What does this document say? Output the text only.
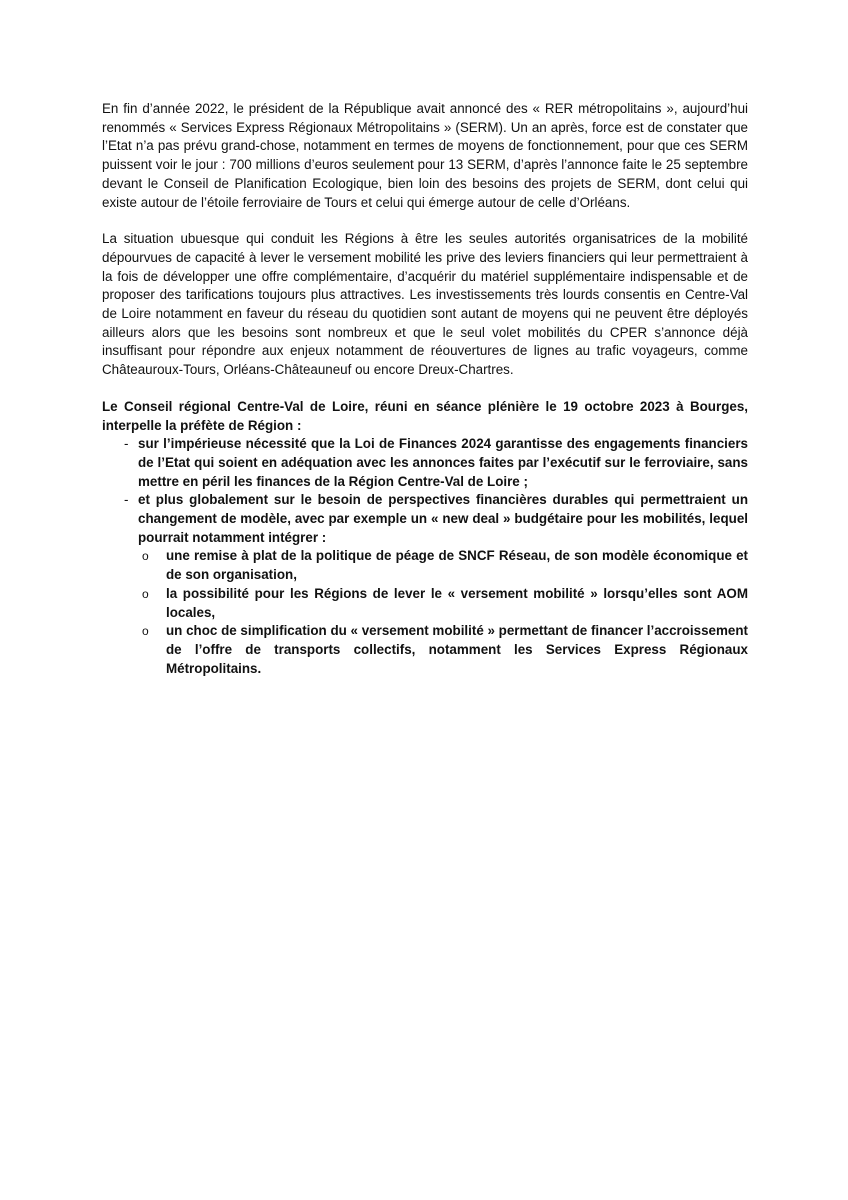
En fin d’année 2022, le président de la République avait annoncé des « RER métropolitains », aujourd’hui renommés « Services Express Régionaux Métropolitains » (SERM). Un an après, force est de constater que l’Etat n’a pas prévu grand-chose, notamment en termes de moyens de fonctionnement, pour que ces SERM puissent voir le jour : 700 millions d’euros seulement pour 13 SERM, d’après l’annonce faite le 25 septembre devant le Conseil de Planification Ecologique, bien loin des besoins des projets de SERM, dont celui qui existe autour de l’étoile ferroviaire de Tours et celui qui émerge autour de celle d’Orléans.

La situation ubuesque qui conduit les Régions à être les seules autorités organisatrices de la mobilité dépourvues de capacité à lever le versement mobilité les prive des leviers financiers qui leur permettraient à la fois de développer une offre complémentaire, d’acquérir du matériel supplémentaire indispensable et de proposer des tarifications toujours plus attractives. Les investissements très lourds consentis en Centre-Val de Loire notamment en faveur du réseau du quotidien sont autant de moyens qui ne peuvent être déployés ailleurs alors que les besoins sont nombreux et que le seul volet mobilités du CPER s’annonce déjà insuffisant pour répondre aux enjeux notamment de réouvertures de lignes au trafic voyageurs, comme Châteauroux-Tours, Orléans-Châteauneuf ou encore Dreux-Chartres.

Le Conseil régional Centre-Val de Loire, réuni en séance plénière le 19 octobre 2023 à Bourges, interpelle la préfète de Région :

- sur l’impérieuse nécessité que la Loi de Finances 2024 garantisse des engagements financiers de l’Etat qui soient en adéquation avec les annonces faites par l’exécutif sur le ferroviaire, sans mettre en péril les finances de la Région Centre-Val de Loire ;
- et plus globalement sur le besoin de perspectives financières durables qui permettraient un changement de modèle, avec par exemple un « new deal » budgétaire pour les mobilités, lequel pourrait notamment intégrer :
o une remise à plat de la politique de péage de SNCF Réseau, de son modèle économique et de son organisation,
o la possibilité pour les Régions de lever le « versement mobilité » lorsqu’elles sont AOM locales,
o un choc de simplification du « versement mobilité » permettant de financer l’accroissement de l’offre de transports collectifs, notamment les Services Express Régionaux Métropolitains.
